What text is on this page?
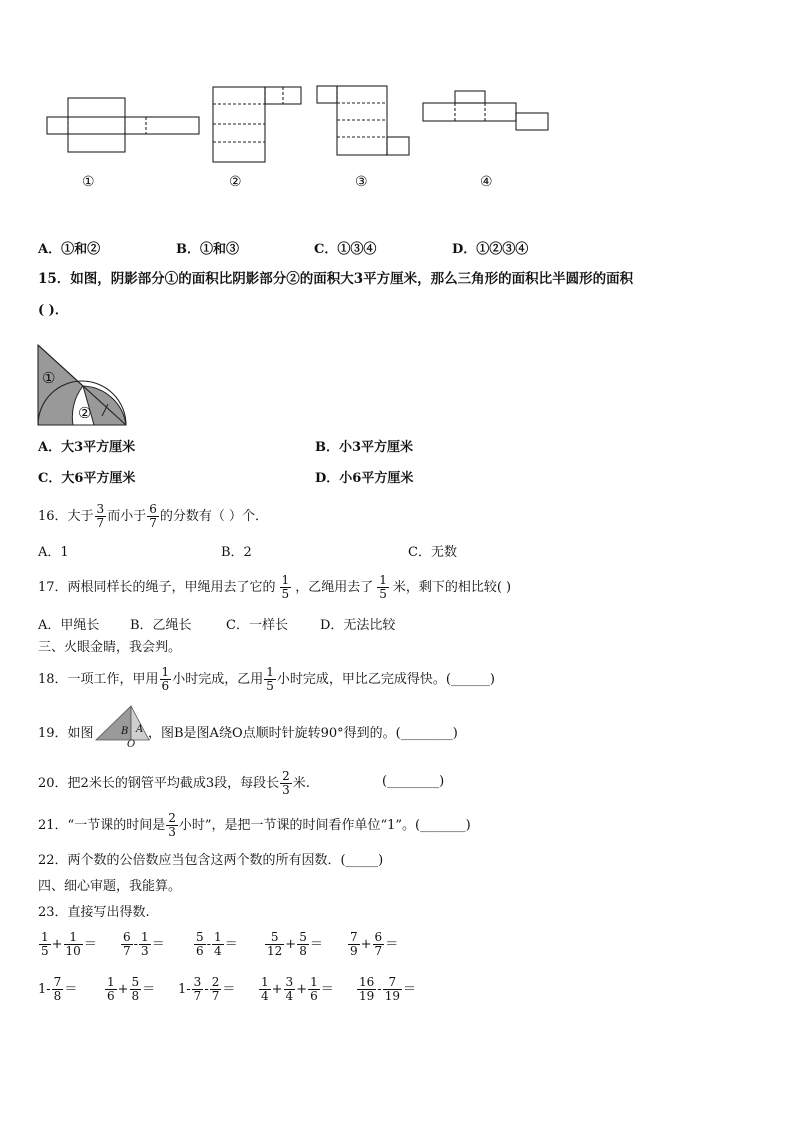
①	②	③	④
A．①和②	B．①和③	C．①③④	D．①②③④
15．如图，阴影部分①的面积比阴影部分②的面积大3平方厘米，那么三角形的面积比半圆形的面积
( )．
①
②
A．大3平方厘米	B．小3平方厘米
C．大6平方厘米	D．小6平方厘米
16．大于 $\frac{3}{7}$ 而小于 $\frac{6}{7}$ 的分数有（ ）个．
A．1	B．2	C．无数
17．两根同样长的绳子，甲绳用去了它的 $\frac{1}{5}$ ，乙绳用去了 $\frac{1}{5}$ 米，剩下的相比较( )
A．甲绳长 B．乙绳长	C．一样长 D．无法比较
三、火眼金睛，我会判。
18．一项工作，甲用 $\frac{1}{6}$ 小时完成，乙用 $\frac{1}{5}$ 小时完成，甲比乙完成得快。(______)
19．如图	B A
O
，图B是图A绕O点顺时针旋转90°得到的。(________)
20．把2米长的钢管平均截成3段，每段长 $\frac{2}{3}$ 米.	(________)
21．“一节课的时间是 $\frac{2}{3}$ 小时”，是把一节课的时间看作单位“1”。(_______)
22．两个数的公倍数应当包含这两个数的所有因数．(_____)
四、细心审题，我能算。
23．直接写出得数.
$\frac{1}{5} + \frac{1}{10} = \frac{6}{7} - \frac{1}{3} = \frac{5}{6} - \frac{1}{4} = \frac{5}{12} + \frac{5}{8} = \frac{7}{9} + \frac{6}{7}$ ＝
$1- \frac{7}{8} = \frac{1}{6} + \frac{5}{8} = 1- \frac{3}{7} - \frac{2}{7} = \frac{1}{4} + \frac{3}{4} + \frac{1}{6} = \frac{16}{19} - \frac{7}{19}$ ＝
